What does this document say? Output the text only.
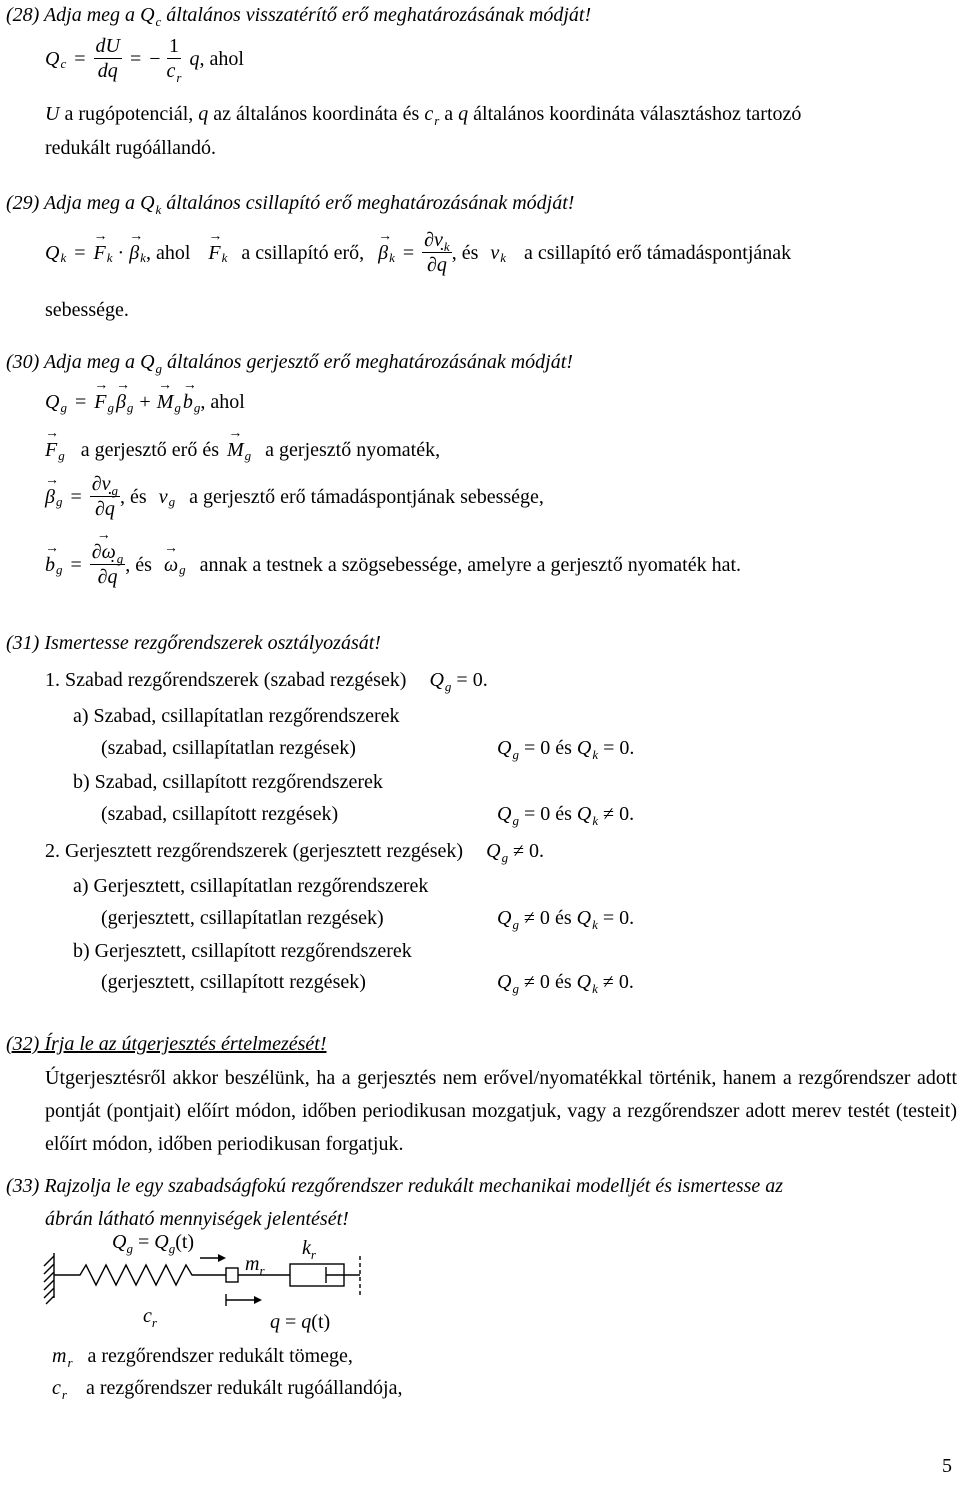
(28) Adja meg a $Q_c$ általános visszatérítő erő meghatározásának módját!
Q $c = \frac{dU}{dq}$ = − $\frac{1}{c_r}$ q , ahol
U a rugópotenciál, q az általános koordináta és $c_r$ a q általános koordináta választáshoz tartozó
redukált rugóállandó.
(29) Adja meg a $Q_k$ általános csillapító erő meghatározásának módját!
Q k = → F k · → β k , ahol → F k a csillapító erő, → β $k = \frac{\partial v_k}{\partial˙ q}$ , és v k a csillapító erő támadáspontjának
sebessége.
(30) Adja meg a $Q_g$ általános gerjesztő erő meghatározásának módját!
Q g = → F g → β g + → M g → b g , ahol
→ F g a gerjesztő erő és → M g a gerjesztő nyomaték,
→ β $g = \frac{\partial v_g}{\partial˙ q}$ , és v g a gerjesztő erő támadáspontjának sebessége,
→ b g = → $\frac{\partial\omega_g}{\partial˙ q}$ , és → ω g annak a testnek a szögsebessége, amelyre a gerjesztő nyomaték hat.
(31) Ismertesse rezgőrendszerek osztályozását!
1. Szabad rezgőrendszerek (szabad rezgések) $Q_g = 0$.
a) Szabad, csillapítatlan rezgőrendszerek
(szabad, csillapítatlan rezgések)	$Q_g = 0$ és $Q_k = 0$.
b) Szabad, csillapított rezgőrendszerek
(szabad, csillapított rezgések)	$Q_g = 0$ és $Q_k \ne 0$.
2. Gerjesztett rezgőrendszerek (gerjesztett rezgések) $Q_g \ne 0$.
a) Gerjesztett, csillapítatlan rezgőrendszerek
(gerjesztett, csillapítatlan rezgések)	$Q_g \ne 0$ és $Q_k = 0$.
b) Gerjesztett, csillapított rezgőrendszerek
(gerjesztett, csillapított rezgések)	$Q_g \ne 0$ és $Q_k \ne 0$.
(32) Írja le az útgerjesztés értelmezését!
Útgerjesztésről akkor beszélünk, ha a gerjesztés nem erővel/nyomatékkal történik, hanem a rezgőrendszer adott pontját (pontjait) előírt módon, időben periodikusan mozgatjuk, vagy a rezgőrendszer adott merev testét (testeit) előírt módon, időben periodikusan forgatjuk.
(33) Rajzolja le egy szabadságfokú rezgőrendszer redukált mechanikai modelljét és ismertesse az
ábrán látható mennyiségek jelentését!
$Q_g = Q_g(t)$
$m_r$
$k_r$
$c_r$	q = q(t)
$m_r$ a rezgőrendszer redukált tömege,
$c_r$ a rezgőrendszer redukált rugóállandója,
5
